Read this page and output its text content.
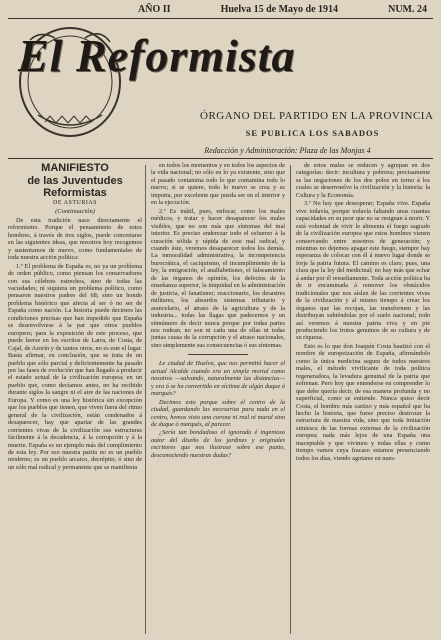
AÑO II	Huelva 15 de Mayo de 1914	NUM. 24
El Reformista
ÓRGANO DEL PARTIDO EN LA PROVINCIA
SE PUBLICA LOS SABADOS
Redacción y Administración: Plaza de las Monjas 4

MANIFIESTO

de las Juventudes Reformistas

DE ASTURIAS

(Continuación)

De esta tradición nace directamente el reformismo. Porque el pensamiento de estos hombres, á través de tres siglos, puede concretarse en las siguientes ideas, que nosotros hoy recogemos y sustentamos de nuevo, como fundamentales de toda nuestra acción política:

1.º El problema de España es, no ya un problema de orden público, como piensan los conservadores con sus célebres estrechos, sino de todas las vaciedades; ni siquiera un problema político, como pensaron nuestros padres del 68; sino un hondo problema histórico que afecta al ser ó no ser de España como nación. La historia puede decirnos las condiciones precisas que han impedido que España se desenvolviese á la par que otros pueblos europeos; para la exposición de este proceso, que puede leerse en los escritos de Larra, de Costa, de Cajal, de Azorín y de tantos otros, no es este el lugar. Basta afirmar, en conclusión, que se trata de un pueblo que sólo parcial y deficientemente ha pasado por las fases de evolución que han llegado á producir el estado actual de la civilización europea; en un pueblo que, como decíamos antes, no ha recibido durante siglos la sangre ni el aire de las naciones de Europa. Y como es una ley histórica sin excepción que los pueblos que tienen, que viven fuera del ritmo general de la civilización, están condenados á desaparecer, hay que apartar de las grandes corrientes vivas de la civilización sus estructuras fácilmente á la decadencia, á la corrupción y á la muerte. España es un ejemplo más del cumplimiento de esta ley. Por eso nuestra patria no es un pueblo moderno; es un pueblo arcaico, decrépito, ó sino de un sólo mal radical y permanente que se manifiesta

en todos los momentos y en todos los aspectos de la vida nacional; no sólo en lo ya existente, sino que el pasado contamina todo lo que contamina todo lo nuevo; si se quiere, todo lo nuevo se crea y se importa, por excelente que pueda ser en el interior y en la ejecución.

2.º Es inútil, pues, enfocar, como los males médicos, y tratar y hacer desaparecer los males visibles, que no son más que síntomas del mal interior. Es preciso enderezar todo el esfuerzo á la curación sólida y rápida de este mal radical, y cuando éste, veremos desaparecer todos los demás. La inmoralidad administrativa, la incompetencia burocrática, el caciquismo, el incumplimiento de la ley, la emigración, el analfabetismo, el falseamiento de las órganos de opinión, los defectos de la enseñanza superior, la iniquidad en la administración de justicia, el fanatismo; reaccionario, los desastres militares, los absurdos sistemas tributario y arancelario, el atraso de la agricultura y de la industria... todas las llagas que padecemos y un sinnúmero de decir nunca porque por todas partes nos rodean, no son ni cada una de ellas ni todas juntas causa de la corrupción y el atraso nacionales, sino simplemente sus consecuencias ó sus síntomas.

Le ciudad de Huelva, que nos permitió hacer el actual Alcalde cuando era un simple mortal como nosotros —salvando, naturalmente las distancias— y ora ó se ha convertido en víctima de algún duque ó marqués?

Decimos esto porque sobre el centro de la ciudad, guardando las necesarias para nada en el centro, hemos visto una corona ni real ni mural sino de duque ó marqués, al parecer.

¿Sería tan bondadoso el ignorado é ingenioso autor del diseño de los jardines y originales escritores que nos ilustrase sobre ese punto, desconociendo nuestras dudas?

de estos males se reducen y agrupan en dos categorías: decir: incultura y pobreza; precisamente se las negaciones de los dos polos en torno á los cuales se desenvuelve la civilización y la historia: la Cultura y la Economía.

3.º No hay que desesperar; España vive. España vive todavía, porque todavía faltando unas cuantas capacidades en su peor que no se resignan á morir. Y está voluntad de vivir le alimenta el fuego sagrado de la civilización europea que estos hombres vienen conservando entre nosotros de generación; y mientras no dejemos apagar este fuego, siempre hay esperanza de colocar con él á nuevo lugar donde se forje la patria futura. El camino es claro, pues, una clara que la ley del medicinal; no hay más que echar á andar por él resueltamente. Toda acción política ha de ir encaminada á remover los obstáculos tradicionales que nos aíslen de las corrientes vivas de la civilización y al mismo tiempo á crear los órganos que las recojan, las transformen y las distribuyan subiéndolas por el suelo nacional; todo así veremos á nuestra patria viva y en pie produciendo los frutos genuinos de su cultura y de su riqueza.

Esto es lo que don Joaquín Costa bautizó con el nombre de europeización de España, afirmándolo como la única medicina segura de todos nuestros males, el método vivificante de toda política regeneradora, la levadura genuinal de la patria que sofrenan. Pero hoy que entenderse en comprender lo que debe quería decir, de esa manera profunda y no superficial, como se entiende. Nunca quiso decir Costa, el hombre más castizo y más español que ha hecho la historia, que fuese preciso destrozar la estructura de nuestra vida, sino que toda imitación simiesca de las formas externas de la civilización europea; nada más lejos de una España una inaceptable y que vivimos y todas ellas y como tiempo vamos cuya fracaso estamos presenciando todos los días, viendo agotarse en nues-
